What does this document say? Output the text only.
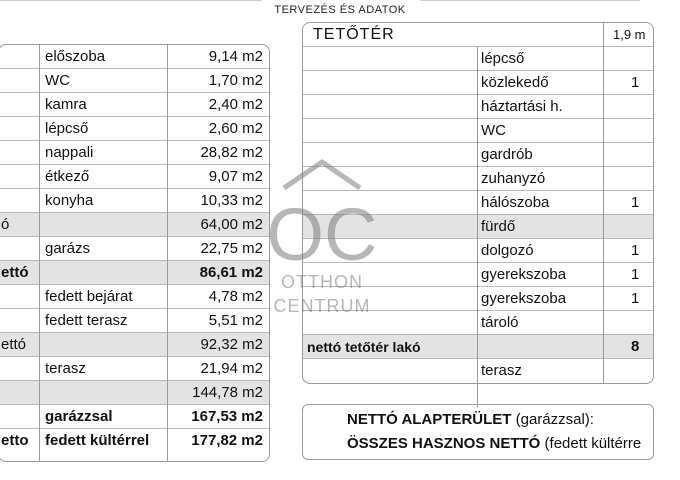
TERVEZÉS ÉS ADATOK
előszoba	9,14 m2
WC	1,70 m2
kamra	2,40 m2
lépcső	2,60 m2
nappali	28,82 m2
étkező	9,07 m2
konyha	10,33 m2
ó	64,00 m2
garázs	22,75 m2
ettó	86,61 m2
fedett bejárat	4,78 m2
fedett terasz	5,51 m2
ettó	92,32 m2
terasz	21,94 m2
144,78 m2
garázzsal	167,53 m2
etto fedett kültérrel	177,82 m2
TETŐTÉR	1,9 m
lépcső
közlekedő	1
háztartási h.
WC
gardrób
zuhanyzó
hálószoba	1
fürdő
dolgozó	1
gyerekszoba	1
gyerekszoba	1
tároló
nettó tetőtér lakó	8
terasz
NETTÓ ALAPTERÜLET (garázzsal):
ÖSSZES HASZNOS NETTÓ (fedett kültérre
OC
OTTHON
CENTRUM
